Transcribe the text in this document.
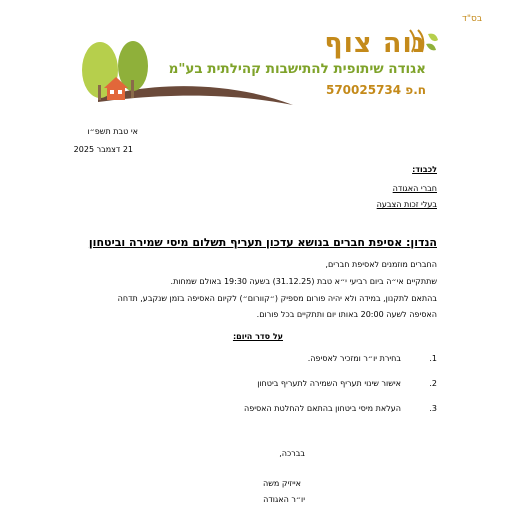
בס"ד
נוה צוף
אגודה שיתופית להתישבות קהילתית בע"מ
ח.פ 570025734
אי טבת תשפ״ו
21 דצמבר 2025
לכבוד:
חברי האגודה
בעלי זכות הצבעה
הנדון: אסיפת חברים בנושא עדכון תעריף תשלום מיסי שמירה וביטחון
החברים מוזמנים לאסיפת חברים,
שתתקיים אי״ה ביום רביעי י״א טבת (31.12.25) בשעה 19:30 באולם שמחות.
בהתאם לתקנון, במידה ולא יהיה פורום מספיק (״קוורום״) לקיום האסיפה בזמן שנקבע, תדחה
האסיפה לשעה 20:00 באותו יום ותתקיים בכל פורום.
על סדר היום:
1.
בחירת יו״ר ומזכיר לאסיפה.
2.
אישור שינוי תעריף השמירה לתעריף ביטחון
3.
העלאת מיסי ביטחון בהתאם להחלטת האסיפה
בברכה,
אייזיק משה
יו״ר האגודה
